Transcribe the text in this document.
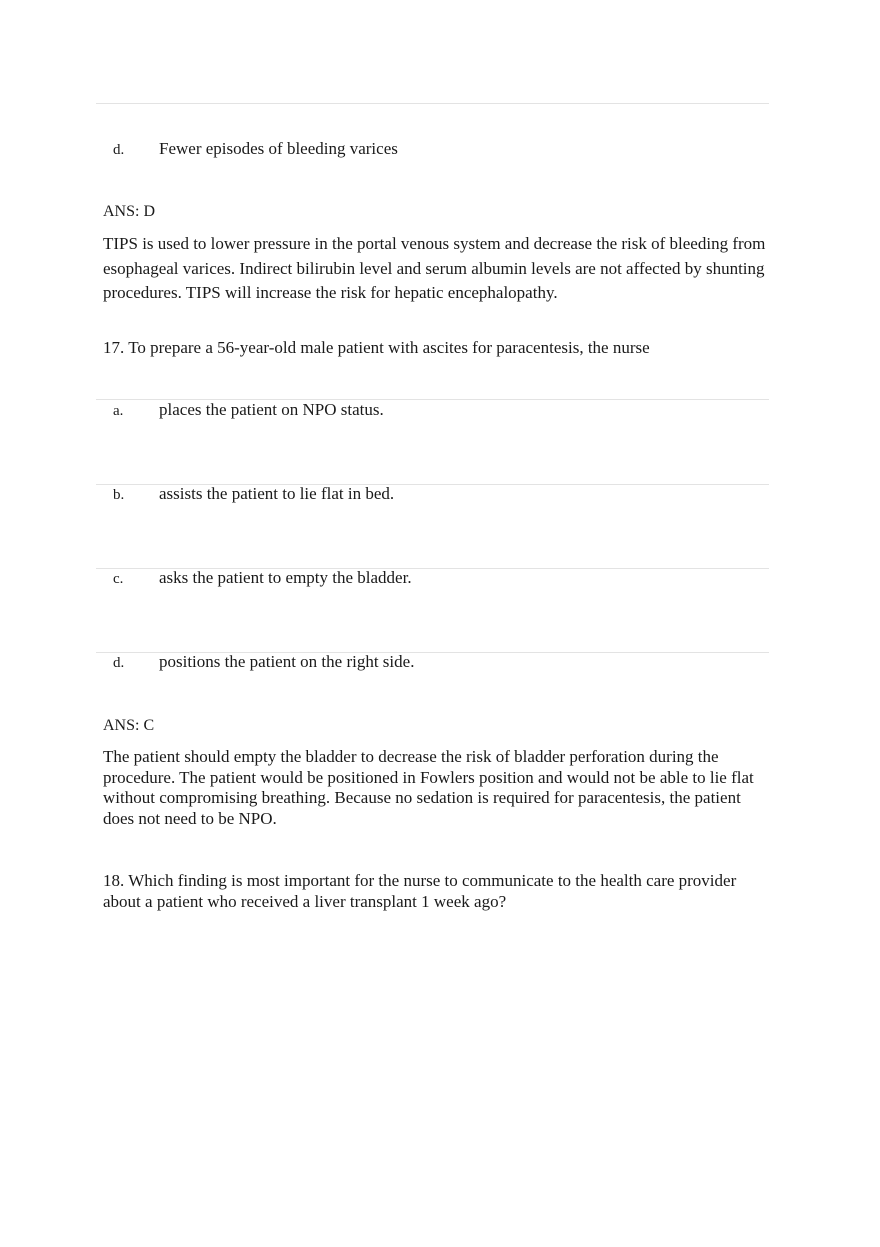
d. Fewer episodes of bleeding varices
ANS: D
TIPS is used to lower pressure in the portal venous system and decrease the risk of bleeding from esophageal varices. Indirect bilirubin level and serum albumin levels are not affected by shunting procedures. TIPS will increase the risk for hepatic encephalopathy.
17. To prepare a 56-year-old male patient with ascites for paracentesis, the nurse
a. places the patient on NPO status.
b. assists the patient to lie flat in bed.
c. asks the patient to empty the bladder.
d. positions the patient on the right side.
ANS: C
The patient should empty the bladder to decrease the risk of bladder perforation during the procedure. The patient would be positioned in Fowlers position and would not be able to lie flat without compromising breathing. Because no sedation is required for paracentesis, the patient does not need to be NPO.
18. Which finding is most important for the nurse to communicate to the health care provider about a patient who received a liver transplant 1 week ago?
